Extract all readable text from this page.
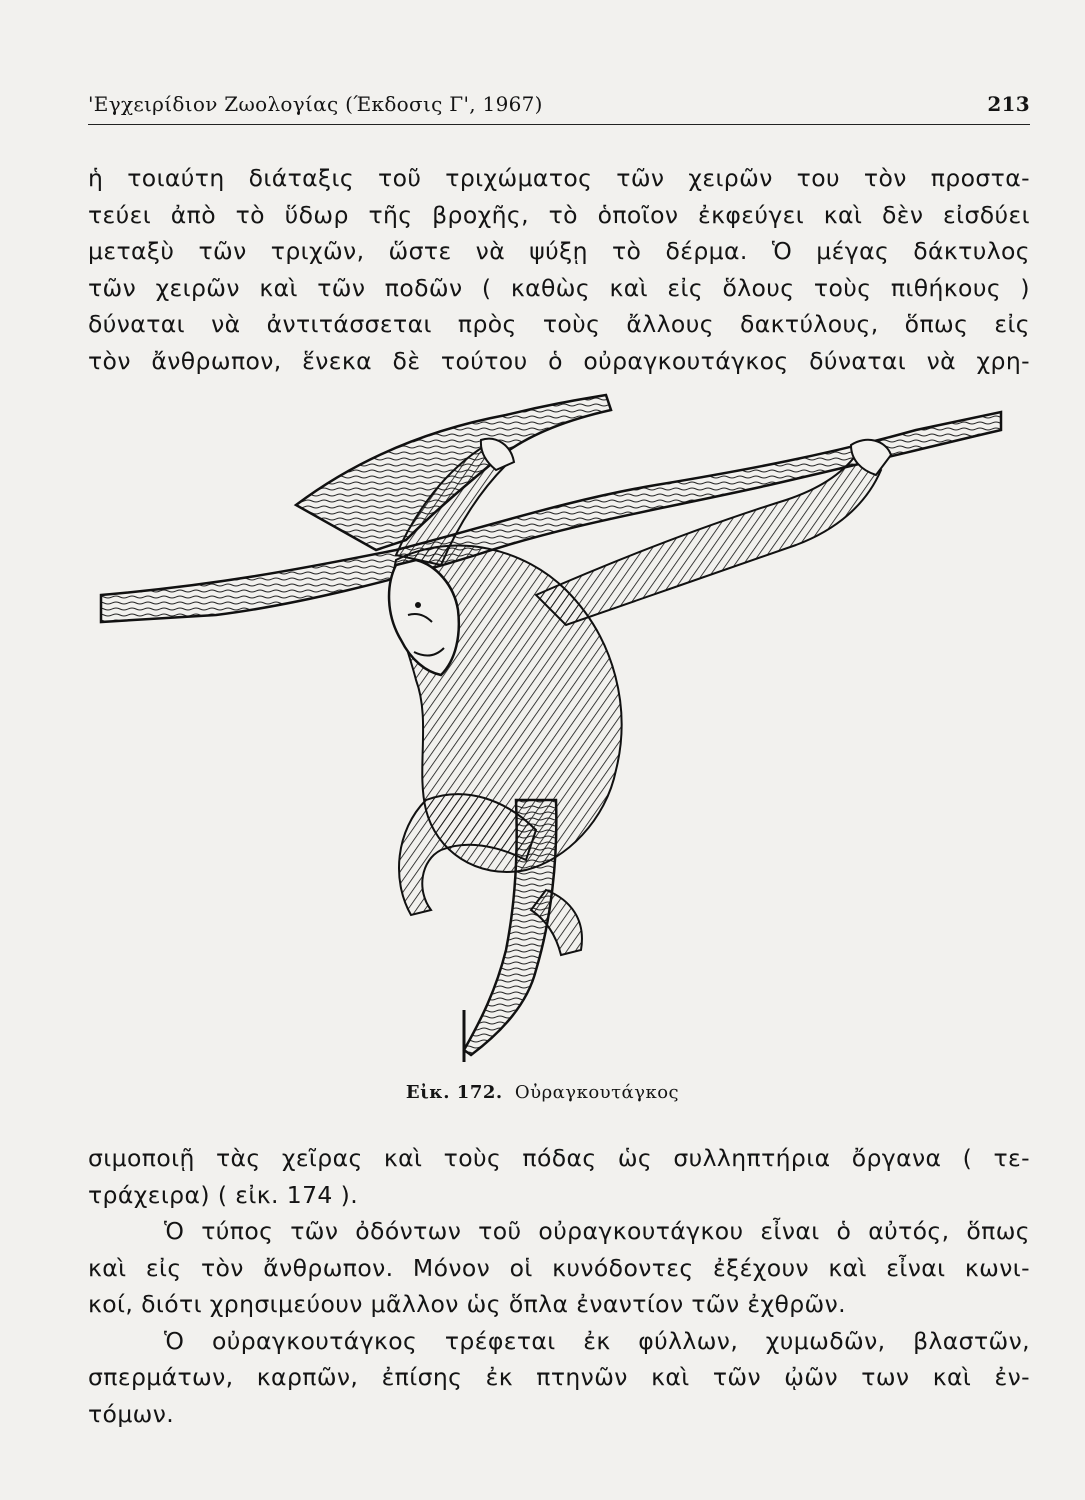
'Εγχειρίδιον Ζωολογίας (Έκδοσις Γ', 1967)	213
ἡ τοιαύτη διάταξις τοῦ τριχώματος τῶν χειρῶν του τὸν προστα-
τεύει ἀπὸ τὸ ὕδωρ τῆς βροχῆς, τὸ ὁποῖον ἐκφεύγει καὶ δὲν εἰσδύει
μεταξὺ τῶν τριχῶν, ὥστε νὰ ψύξῃ τὸ δέρμα. Ὁ μέγας δάκτυλος
τῶν χειρῶν καὶ τῶν ποδῶν ( καθὼς καὶ εἰς ὅλους τοὺς πιθήκους )
δύναται νὰ ἀντιτάσσεται πρὸς τοὺς ἄλλους δακτύλους, ὅπως εἰς
τὸν ἄνθρωπον, ἕνεκα δὲ τούτου ὁ οὐραγκουτάγκος δύναται νὰ χρη-
Εἰκ. 172. Οὐραγκουτάγκος
σιμοποιῇ τὰς χεῖρας καὶ τοὺς πόδας ὡς συλληπτήρια ὄργανα ( τε-
τράχειρα) ( εἰκ. 174 ).
Ὁ τύπος τῶν ὀδόντων τοῦ οὐραγκουτάγκου εἶναι ὁ αὐτός, ὅπως
καὶ εἰς τὸν ἄνθρωπον. Μόνον οἱ κυνόδοντες ἐξέχουν καὶ εἶναι κωνι-
κοί, διότι χρησιμεύουν μᾶλλον ὡς ὅπλα ἐναντίον τῶν ἐχθρῶν.
Ὁ οὐραγκουτάγκος τρέφεται ἐκ φύλλων, χυμωδῶν, βλαστῶν,
σπερμάτων, καρπῶν, ἐπίσης ἐκ πτηνῶν καὶ τῶν ᾠῶν των καὶ ἐν-
τόμων.
